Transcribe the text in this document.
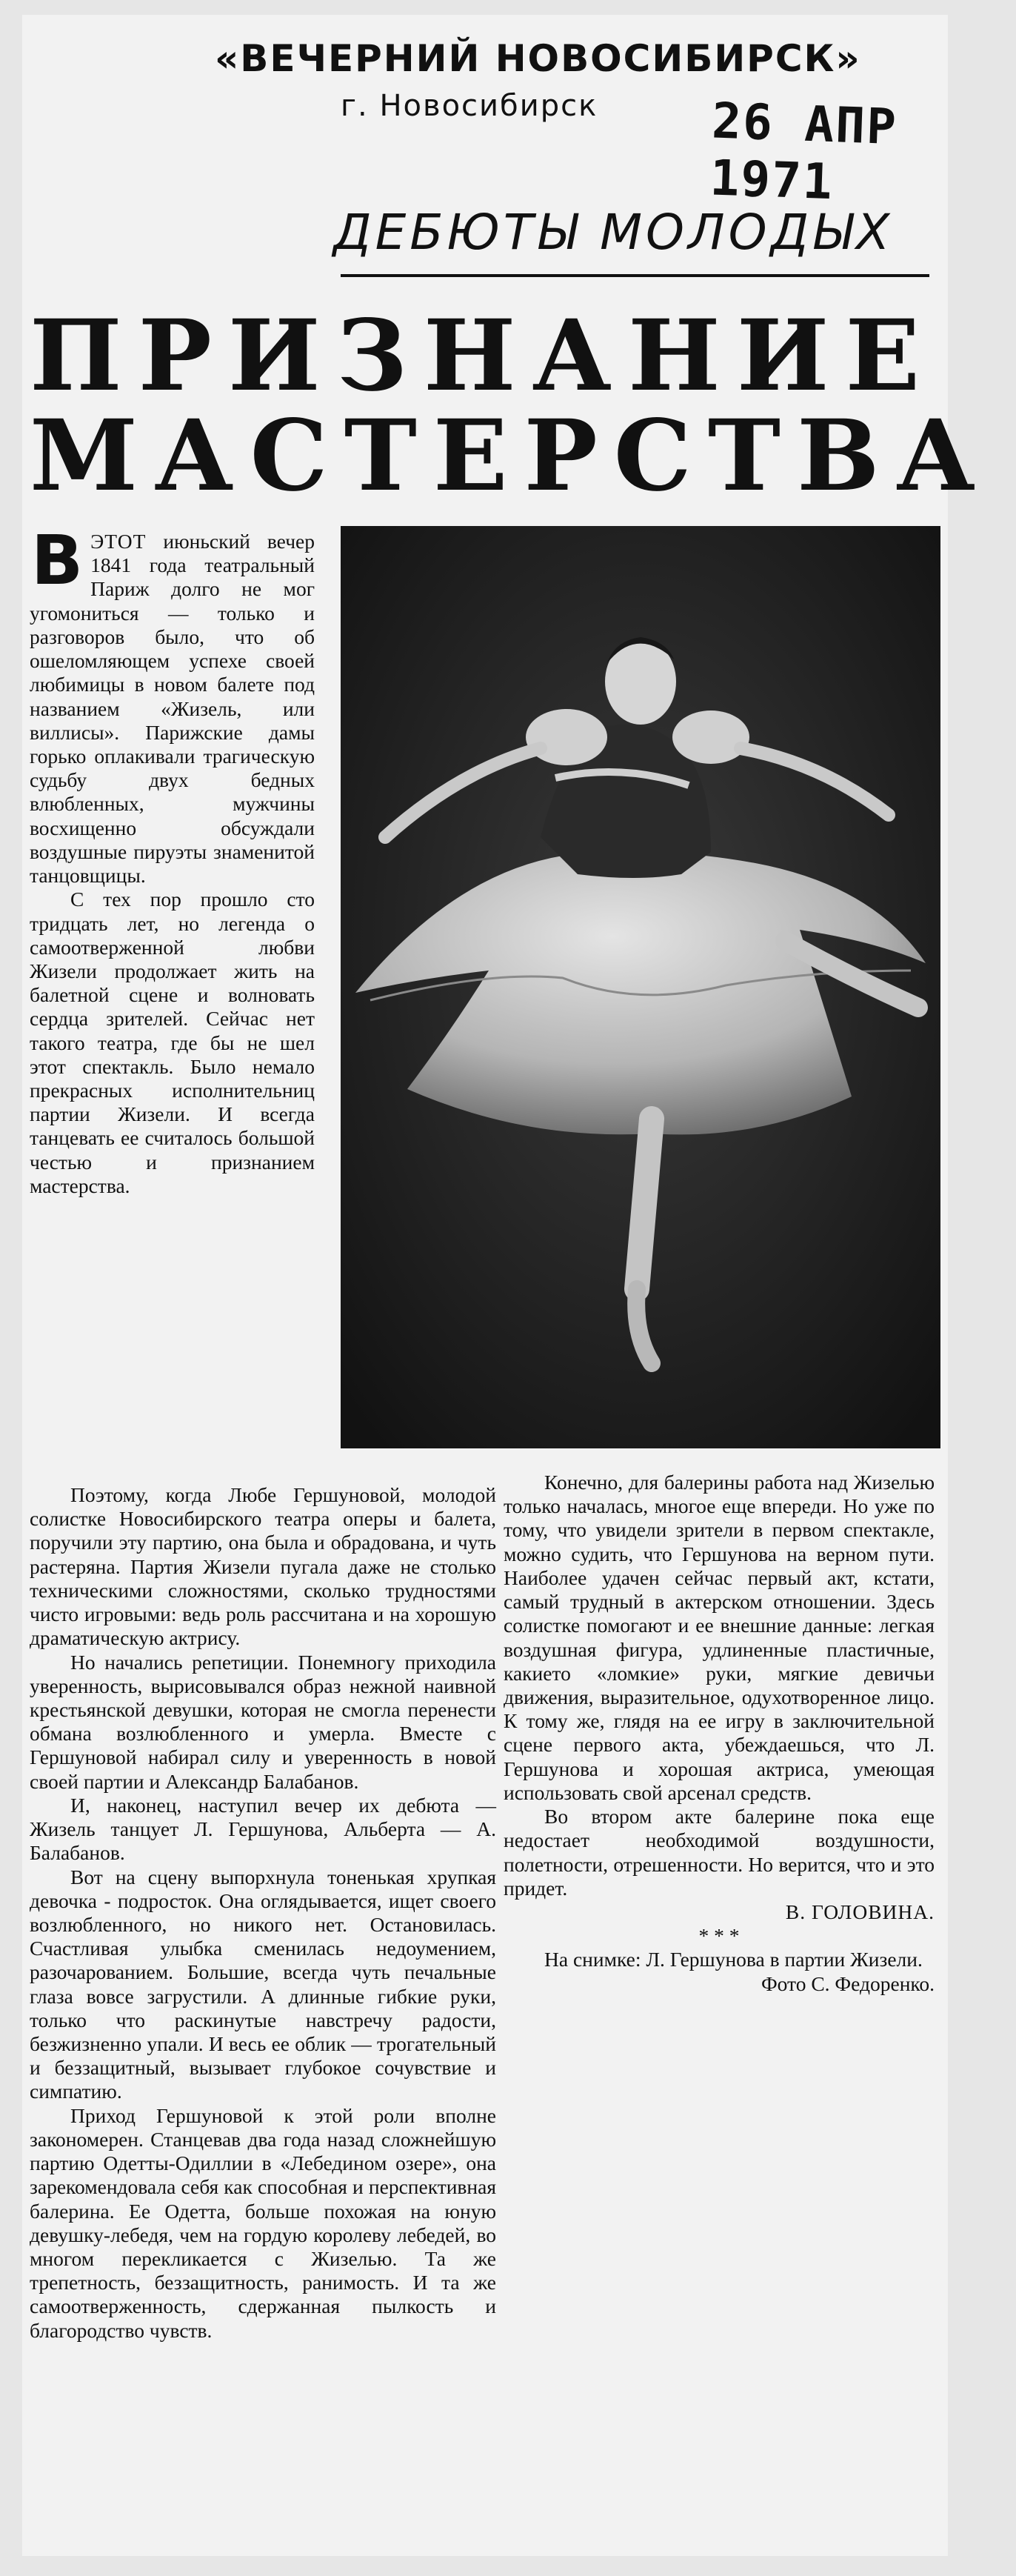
«ВЕЧЕРНИЙ НОВОСИБИРСК»
г. Новосибирск 26 АПР 1971
ДЕБЮТЫ МОЛОДЫХ
ПРИЗНАНИЕ
МАСТЕРСТВА

В ЭТОТ июньский вечер 1841 года театральный Париж долго не мог угомониться — только и разговоров было, что об ошеломляющем успехе своей любимицы в новом балете под названием «Жизель, или виллисы». Парижские дамы горько оплакивали трагическую судьбу двух бедных влюбленных, мужчины восхищенно обсуждали воздушные пируэты знаменитой танцовщицы.

С тех пор прошло сто тридцать лет, но легенда о самоотверженной любви Жизели продолжает жить на балетной сцене и волновать сердца зрителей. Сейчас нет такого театра, где бы не шел этот спектакль. Было немало прекрасных исполнительниц партии Жизели. И всегда танцевать ее считалось большой честью и признанием мастерства.

Поэтому, когда Любе Гершуновой, молодой солистке Новосибирского театра оперы и балета, поручили эту партию, она была и обрадована, и чуть растеряна. Партия Жизели пугала даже не столько техническими сложностями, сколько трудностями чисто игровыми: ведь роль рассчитана и на хорошую драматическую актрису.

Но начались репетиции. Понемногу приходила уверенность, вырисовывался образ нежной наивной крестьянской девушки, которая не смогла перенести обмана возлюбленного и умерла. Вместе с Гершуновой набирал силу и уверенность в новой своей партии и Александр Балабанов.

И, наконец, наступил вечер их дебюта — Жизель танцует Л. Гершунова, Альберта — А. Балабанов.

Вот на сцену выпорхнула тоненькая хрупкая девочка - подросток. Она оглядывается, ищет своего возлюбленного, но никого нет. Остановилась. Счастливая улыбка сменилась недоумением, разочарованием. Большие, всегда чуть печальные глаза вовсе загрустили. А длинные гибкие руки, только что раскинутые навстречу радости, безжизненно упали. И весь ее облик — трогательный и беззащитный, вызывает глубокое сочувствие и симпатию.

Приход Гершуновой к этой роли вполне закономерен. Станцевав два года назад сложнейшую партию Одетты-Одиллии в «Лебедином озере», она зарекомендовала себя как способная и перспективная балерина. Ее Одетта, больше похожая на юную девушку-лебедя, чем на гордую королеву лебедей, во многом перекликается с Жизелью. Та же трепетность, беззащитность, ранимость. И та же самоотверженность, сдержанная пылкость и благородство чувств.

Конечно, для балерины работа над Жизелью только началась, многое еще впереди. Но уже по тому, что увидели зрители в первом спектакле, можно судить, что Гершунова на верном пути. Наиболее удачен сейчас первый акт, кстати, самый трудный в актерском отношении. Здесь солистке помогают и ее внешние данные: легкая воздушная фигура, удлиненные пластичные, какието «ломкие» руки, мягкие девичьи движения, выразительное, одухотворенное лицо. К тому же, глядя на ее игру в заключительной сцене первого акта, убеждаешься, что Л. Гершунова и хорошая актриса, умеющая использовать свой арсенал средств.

Во втором акте балерине пока еще недостает необходимой воздушности, полетности, отрешенности. Но верится, что и это придет.

В. ГОЛОВИНА.

* * *

На снимке: Л. Гершунова в партии Жизели.

Фото С. Федоренко.
